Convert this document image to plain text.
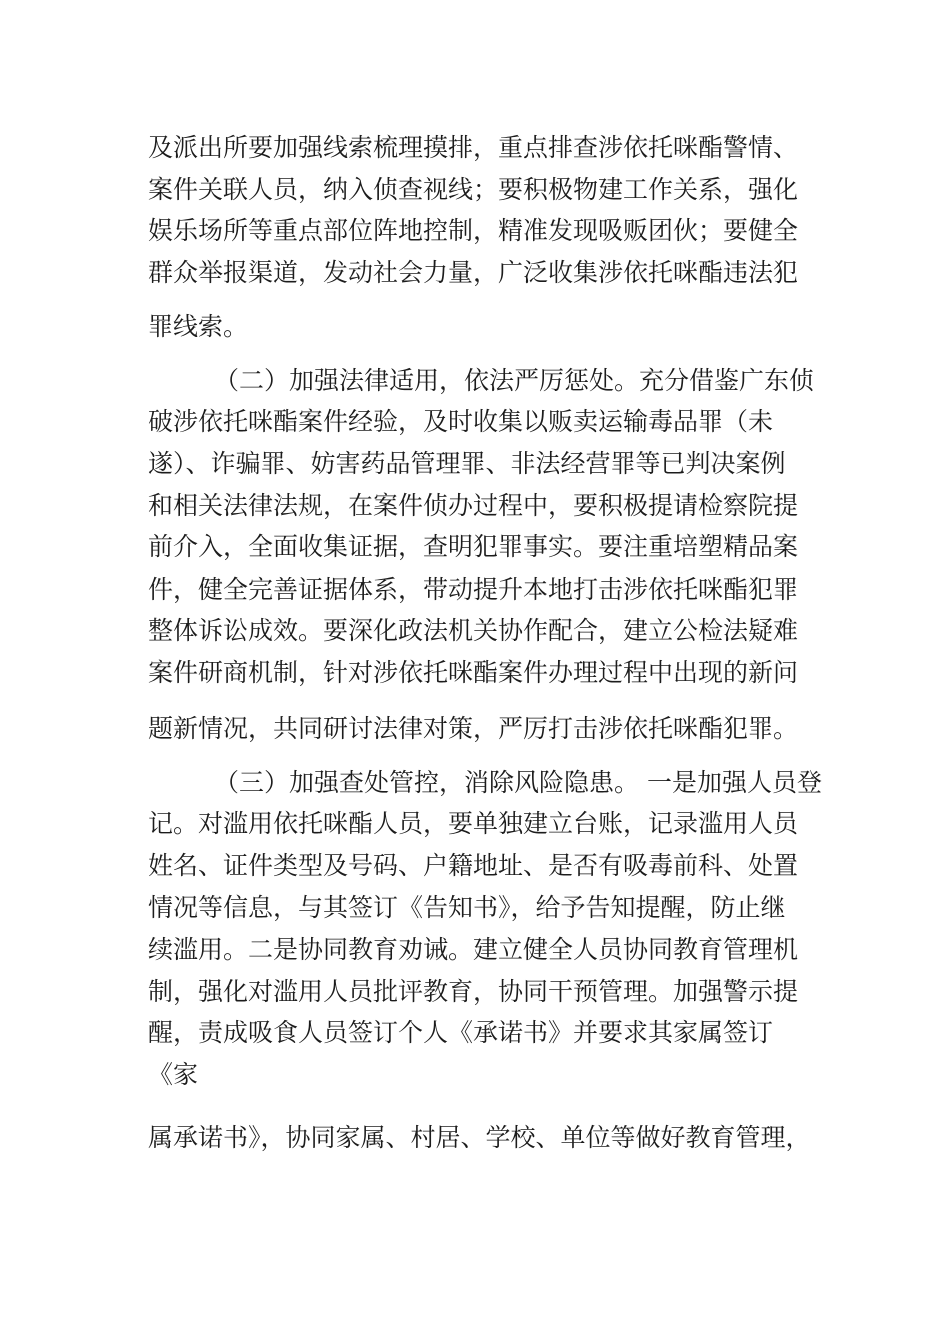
及派出所要加强线索梳理摸排，重点排查涉依托咪酯警情、
案件关联人员，纳入侦查视线；要积极物建工作关系，强化
娱乐场所等重点部位阵地控制，精准发现吸贩团伙；要健全
群众举报渠道，发动社会力量，广泛收集涉依托咪酯违法犯
罪线索。
（二）加强法律适用，依法严厉惩处。充分借鉴广东侦
破涉依托咪酯案件经验，及时收集以贩卖运输毒品罪（未
遂）、诈骗罪、妨害药品管理罪、非法经营罪等已判决案例
和相关法律法规，在案件侦办过程中，要积极提请检察院提
前介入，全面收集证据，查明犯罪事实。要注重培塑精品案
件，健全完善证据体系，带动提升本地打击涉依托咪酯犯罪
整体诉讼成效。要深化政法机关协作配合，建立公检法疑难
案件研商机制，针对涉依托咪酯案件办理过程中出现的新问
题新情况，共同研讨法律对策，严厉打击涉依托咪酯犯罪。
（三）加强查处管控，消除风险隐患。 一是加强人员登
记。对滥用依托咪酯人员，要单独建立台账，记录滥用人员
姓名、证件类型及号码、户籍地址、是否有吸毒前科、处置
情况等信息，与其签订《告知书》，给予告知提醒，防止继
续滥用。二是协同教育劝诫。建立健全人员协同教育管理机
制，强化对滥用人员批评教育，协同干预管理。加强警示提
醒，责成吸食人员签订个人《承诺书》并要求其家属签订
《家
属承诺书》，协同家属、村居、学校、单位等做好教育管理，
